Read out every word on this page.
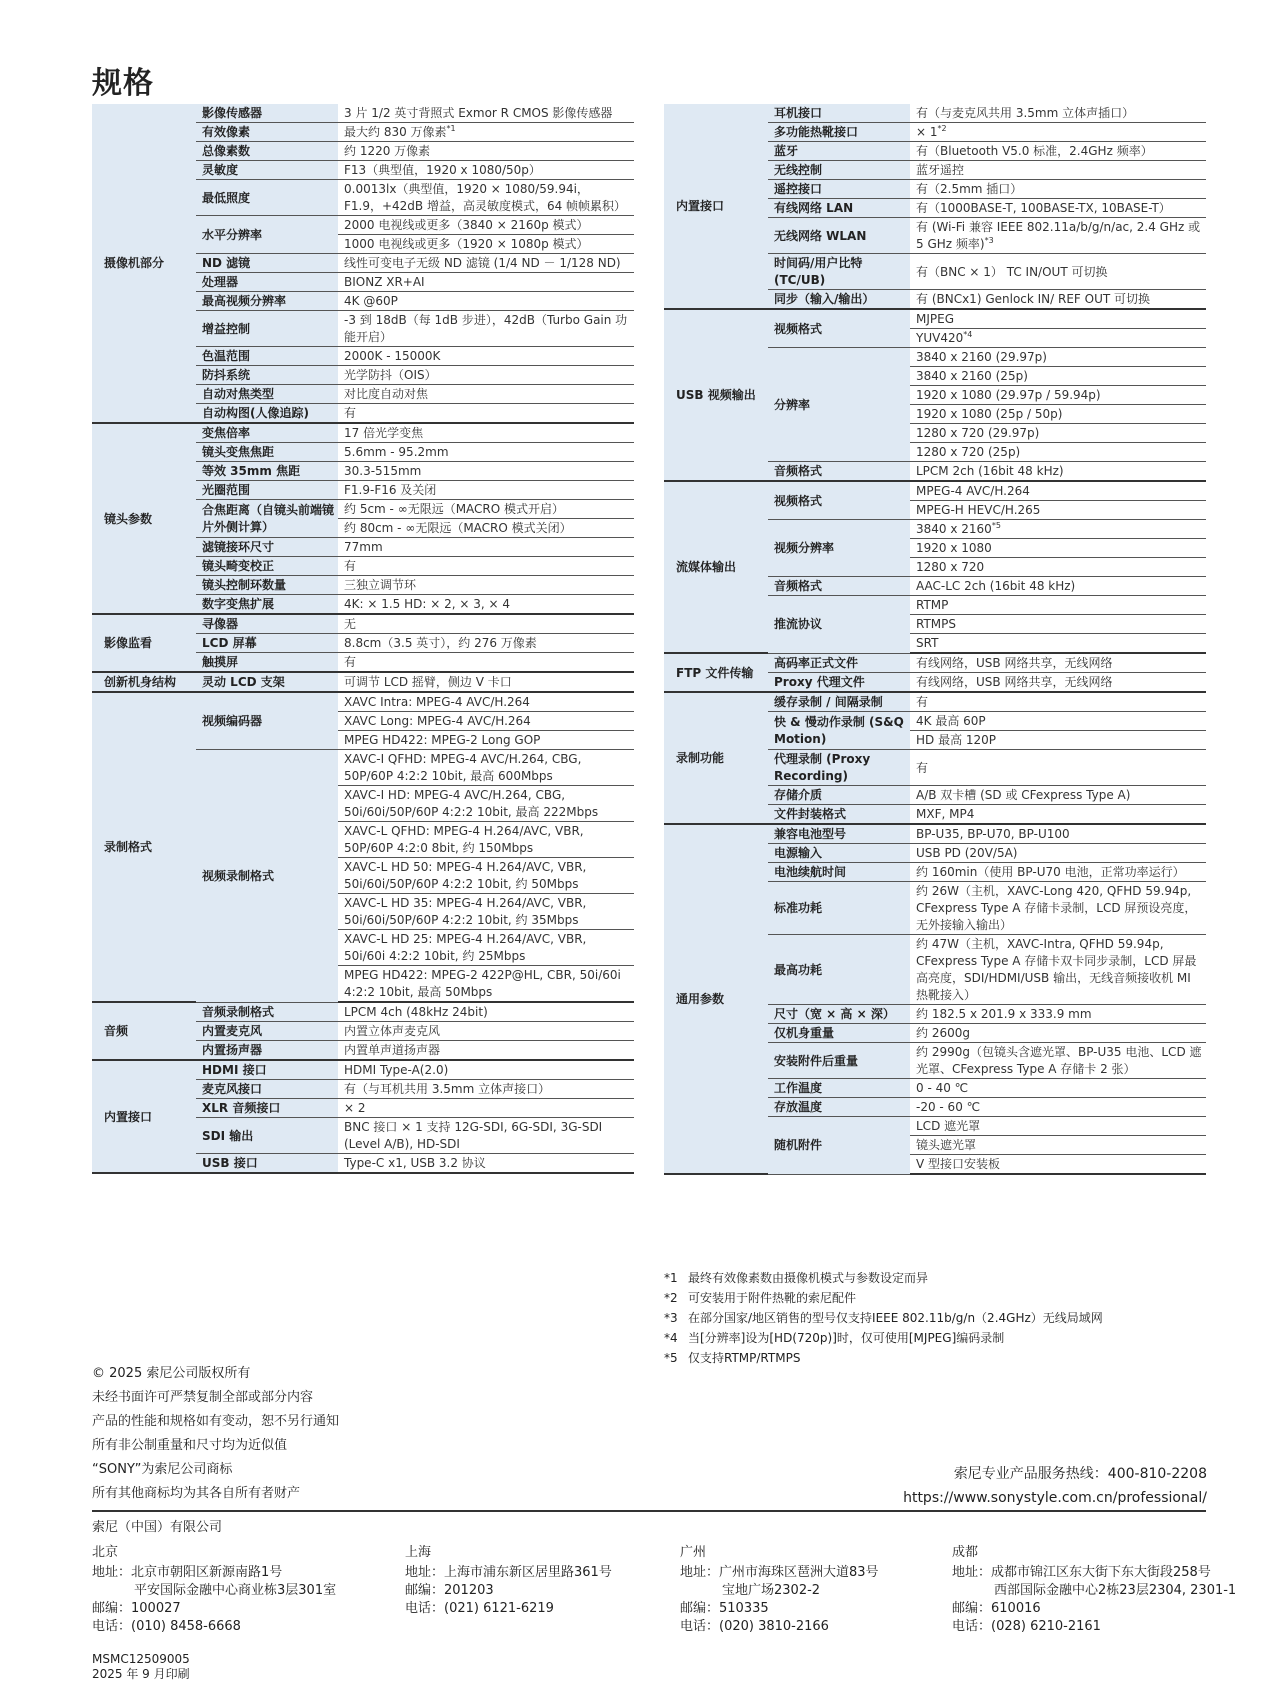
规格
摄像机部分	影像传感器	3 片 1/2 英寸背照式 Exmor R CMOS 影像传感器
	有效像素	最大约 830 万像素$^{*1}$
	总像素数	约 1220 万像素
	灵敏度	F13（典型值，1920 x 1080/50p）
	最低照度	0.0013lx（典型值，1920 × 1080/59.94i，F1.9，+42dB 增益，高灵敏度模式，64 帧帧累积）
	水平分辨率	2000 电视线或更多（3840 × 2160p 模式）
		1000 电视线或更多（1920 × 1080p 模式）
	ND 滤镜	线性可变电子无级 ND 滤镜 (1/4 ND － 1/128 ND)
	处理器	BIONZ XR+AI
	最高视频分辨率	4K @60P
	增益控制	-3 到 18dB（每 1dB 步进），42dB（Turbo Gain 功能开启）
	色温范围	2000K - 15000K
	防抖系统	光学防抖（OIS）
	自动对焦类型	对比度自动对焦
	自动构图(人像追踪)	有
镜头参数	变焦倍率	17 倍光学变焦
	镜头变焦焦距	5.6mm - 95.2mm
	等效 35mm 焦距	30.3-515mm
	光圈范围	F1.9-F16 及关闭
	合焦距离（自镜头前端镜片外侧计算）	约 5cm - ∞无限远（MACRO 模式开启）
		约 80cm - ∞无限远（MACRO 模式关闭）
	滤镜接环尺寸	77mm
	镜头畸变校正	有
	镜头控制环数量	三独立调节环
	数字变焦扩展	4K: × 1.5 HD: × 2, × 3, × 4
影像监看	寻像器	无
	LCD 屏幕	8.8cm（3.5 英寸），约 276 万像素
	触摸屏	有
创新机身结构	灵动 LCD 支架	可调节 LCD 摇臂，侧边 V 卡口
录制格式	视频编码器	XAVC Intra: MPEG-4 AVC/H.264
		XAVC Long: MPEG-4 AVC/H.264
		MPEG HD422: MPEG-2 Long GOP
	视频录制格式	XAVC-I QFHD: MPEG-4 AVC/H.264, CBG, 50P/60P 4:2:2 10bit, 最高 600Mbps
		XAVC-I HD: MPEG-4 AVC/H.264, CBG, 50i/60i/50P/60P 4:2:2 10bit, 最高 222Mbps
		XAVC-L QFHD: MPEG-4 H.264/AVC, VBR, 50P/60P 4:2:0 8bit, 约 150Mbps
		XAVC-L HD 50: MPEG-4 H.264/AVC, VBR, 50i/60i/50P/60P 4:2:2 10bit, 约 50Mbps
		XAVC-L HD 35: MPEG-4 H.264/AVC, VBR, 50i/60i/50P/60P 4:2:2 10bit, 约 35Mbps
		XAVC-L HD 25: MPEG-4 H.264/AVC, VBR, 50i/60i 4:2:2 10bit, 约 25Mbps
		MPEG HD422: MPEG-2 422P@HL, CBR, 50i/60i 4:2:2 10bit, 最高 50Mbps
音频	音频录制格式	LPCM 4ch (48kHz 24bit)
	内置麦克风	内置立体声麦克风
	内置扬声器	内置单声道扬声器
内置接口	HDMI 接口	HDMI Type-A(2.0)
	麦克风接口	有（与耳机共用 3.5mm 立体声接口）
	XLR 音频接口	× 2
	SDI 输出	BNC 接口 × 1 支持 12G-SDI, 6G-SDI, 3G-SDI (Level A/B), HD-SDI
	USB 接口	Type-C x1, USB 3.2 协议
内置接口	耳机接口	有（与麦克风共用 3.5mm 立体声插口）
	多功能热靴接口	× $1^{*2}$
	蓝牙	有（Bluetooth V5.0 标准，2.4GHz 频率）
	无线控制	蓝牙遥控
	遥控接口	有（2.5mm 插口）
	有线网络 LAN	有（1000BASE-T, 100BASE-TX, 10BASE-T）
	无线网络 WLAN	有 (Wi-Fi 兼容 IEEE 802.11a/b/g/n/ac, 2.4 GHz 或 5 GHz 频率)$^{*3}$
	时间码/用户比特 (TC/UB)	有（BNC × 1） TC IN/OUT 可切换
	同步（输入/输出）	有 (BNCx1) Genlock IN/ REF OUT 可切换
USB 视频输出	视频格式	MJPEG
		YUV420$^{*4}$
	分辨率	3840 x 2160 (29.97p)
		3840 x 2160 (25p)
		1920 x 1080 (29.97p / 59.94p)
		1920 x 1080 (25p / 50p)
		1280 x 720 (29.97p)
		1280 x 720 (25p)
	音频格式	LPCM 2ch (16bit 48 kHz)
流媒体输出	视频格式	MPEG-4 AVC/H.264
		MPEG-H HEVC/H.265
	视频分辨率	3840 x 2160$^{*5}$
		1920 x 1080
		1280 x 720
	音频格式	AAC-LC 2ch (16bit 48 kHz)
	推流协议	RTMP
		RTMPS
		SRT
FTP 文件传输	高码率正式文件	有线网络，USB 网络共享，无线网络
	Proxy 代理文件	有线网络，USB 网络共享，无线网络
录制功能	缓存录制 / 间隔录制	有
	快 & 慢动作录制 (S&Q Motion)	4K 最高 60P
		HD 最高 120P
	代理录制 (Proxy Recording)	有
	存储介质	A/B 双卡槽 (SD 或 CFexpress Type A)
	文件封装格式	MXF, MP4
通用参数	兼容电池型号	BP-U35, BP-U70, BP-U100
	电源输入	USB PD (20V/5A)
	电池续航时间	约 160min（使用 BP-U70 电池，正常功率运行）
	标准功耗	约 26W（主机，XAVC-Long 420, QFHD 59.94p, CFexpress Type A 存储卡录制，LCD 屏预设亮度，无外接输入输出）
	最高功耗	约 47W（主机，XAVC-Intra, QFHD 59.94p, CFexpress Type A 存储卡双卡同步录制，LCD 屏最高亮度，SDI/HDMI/USB 输出，无线音频接收机 MI 热靴接入）
	尺寸（宽 × 高 × 深）	约 182.5 x 201.9 x 333.9 mm
	仅机身重量	约 2600g
	安装附件后重量	约 2990g（包镜头含遮光罩、BP-U35 电池、LCD 遮光罩、CFexpress Type A 存储卡 2 张）
	工作温度	0 - 40 ℃
	存放温度	-20 - 60 ℃
	随机附件	LCD 遮光罩
		镜头遮光罩
		V 型接口安装板
*1 最终有效像素数由摄像机模式与参数设定而异
*2 可安装用于附件热靴的索尼配件
*3 在部分国家/地区销售的型号仅支持IEEE 802.11b/g/n（2.4GHz）无线局域网
*4 当[分辨率]设为[HD(720p)]时，仅可使用[MJPEG]编码录制
*5 仅支持RTMP/RTMPS
© 2025 索尼公司版权所有
未经书面许可严禁复制全部或部分内容
产品的性能和规格如有变动，恕不另行通知
所有非公制重量和尺寸均为近似值
“SONY”为索尼公司商标
所有其他商标均为其各自所有者财产
索尼专业产品服务热线：400-810-2208
https://www.sonystyle.com.cn/professional/
索尼（中国）有限公司
北京
地址：北京市朝阳区新源南路1号
平安国际金融中心商业栋3层301室
邮编：100027
电话：(010) 8458-6668
上海
地址：上海市浦东新区居里路361号
邮编：201203
电话：(021) 6121-6219
广州
地址：广州市海珠区琶洲大道83号
宝地广场2302-2
邮编：510335
电话：(020) 3810-2166
成都
地址：成都市锦江区东大街下东大街段258号
西部国际金融中心2栋23层2304, 2301-1
邮编：610016
电话：(028) 6210-2161
MSMC12509005
2025 年 9 月印刷
